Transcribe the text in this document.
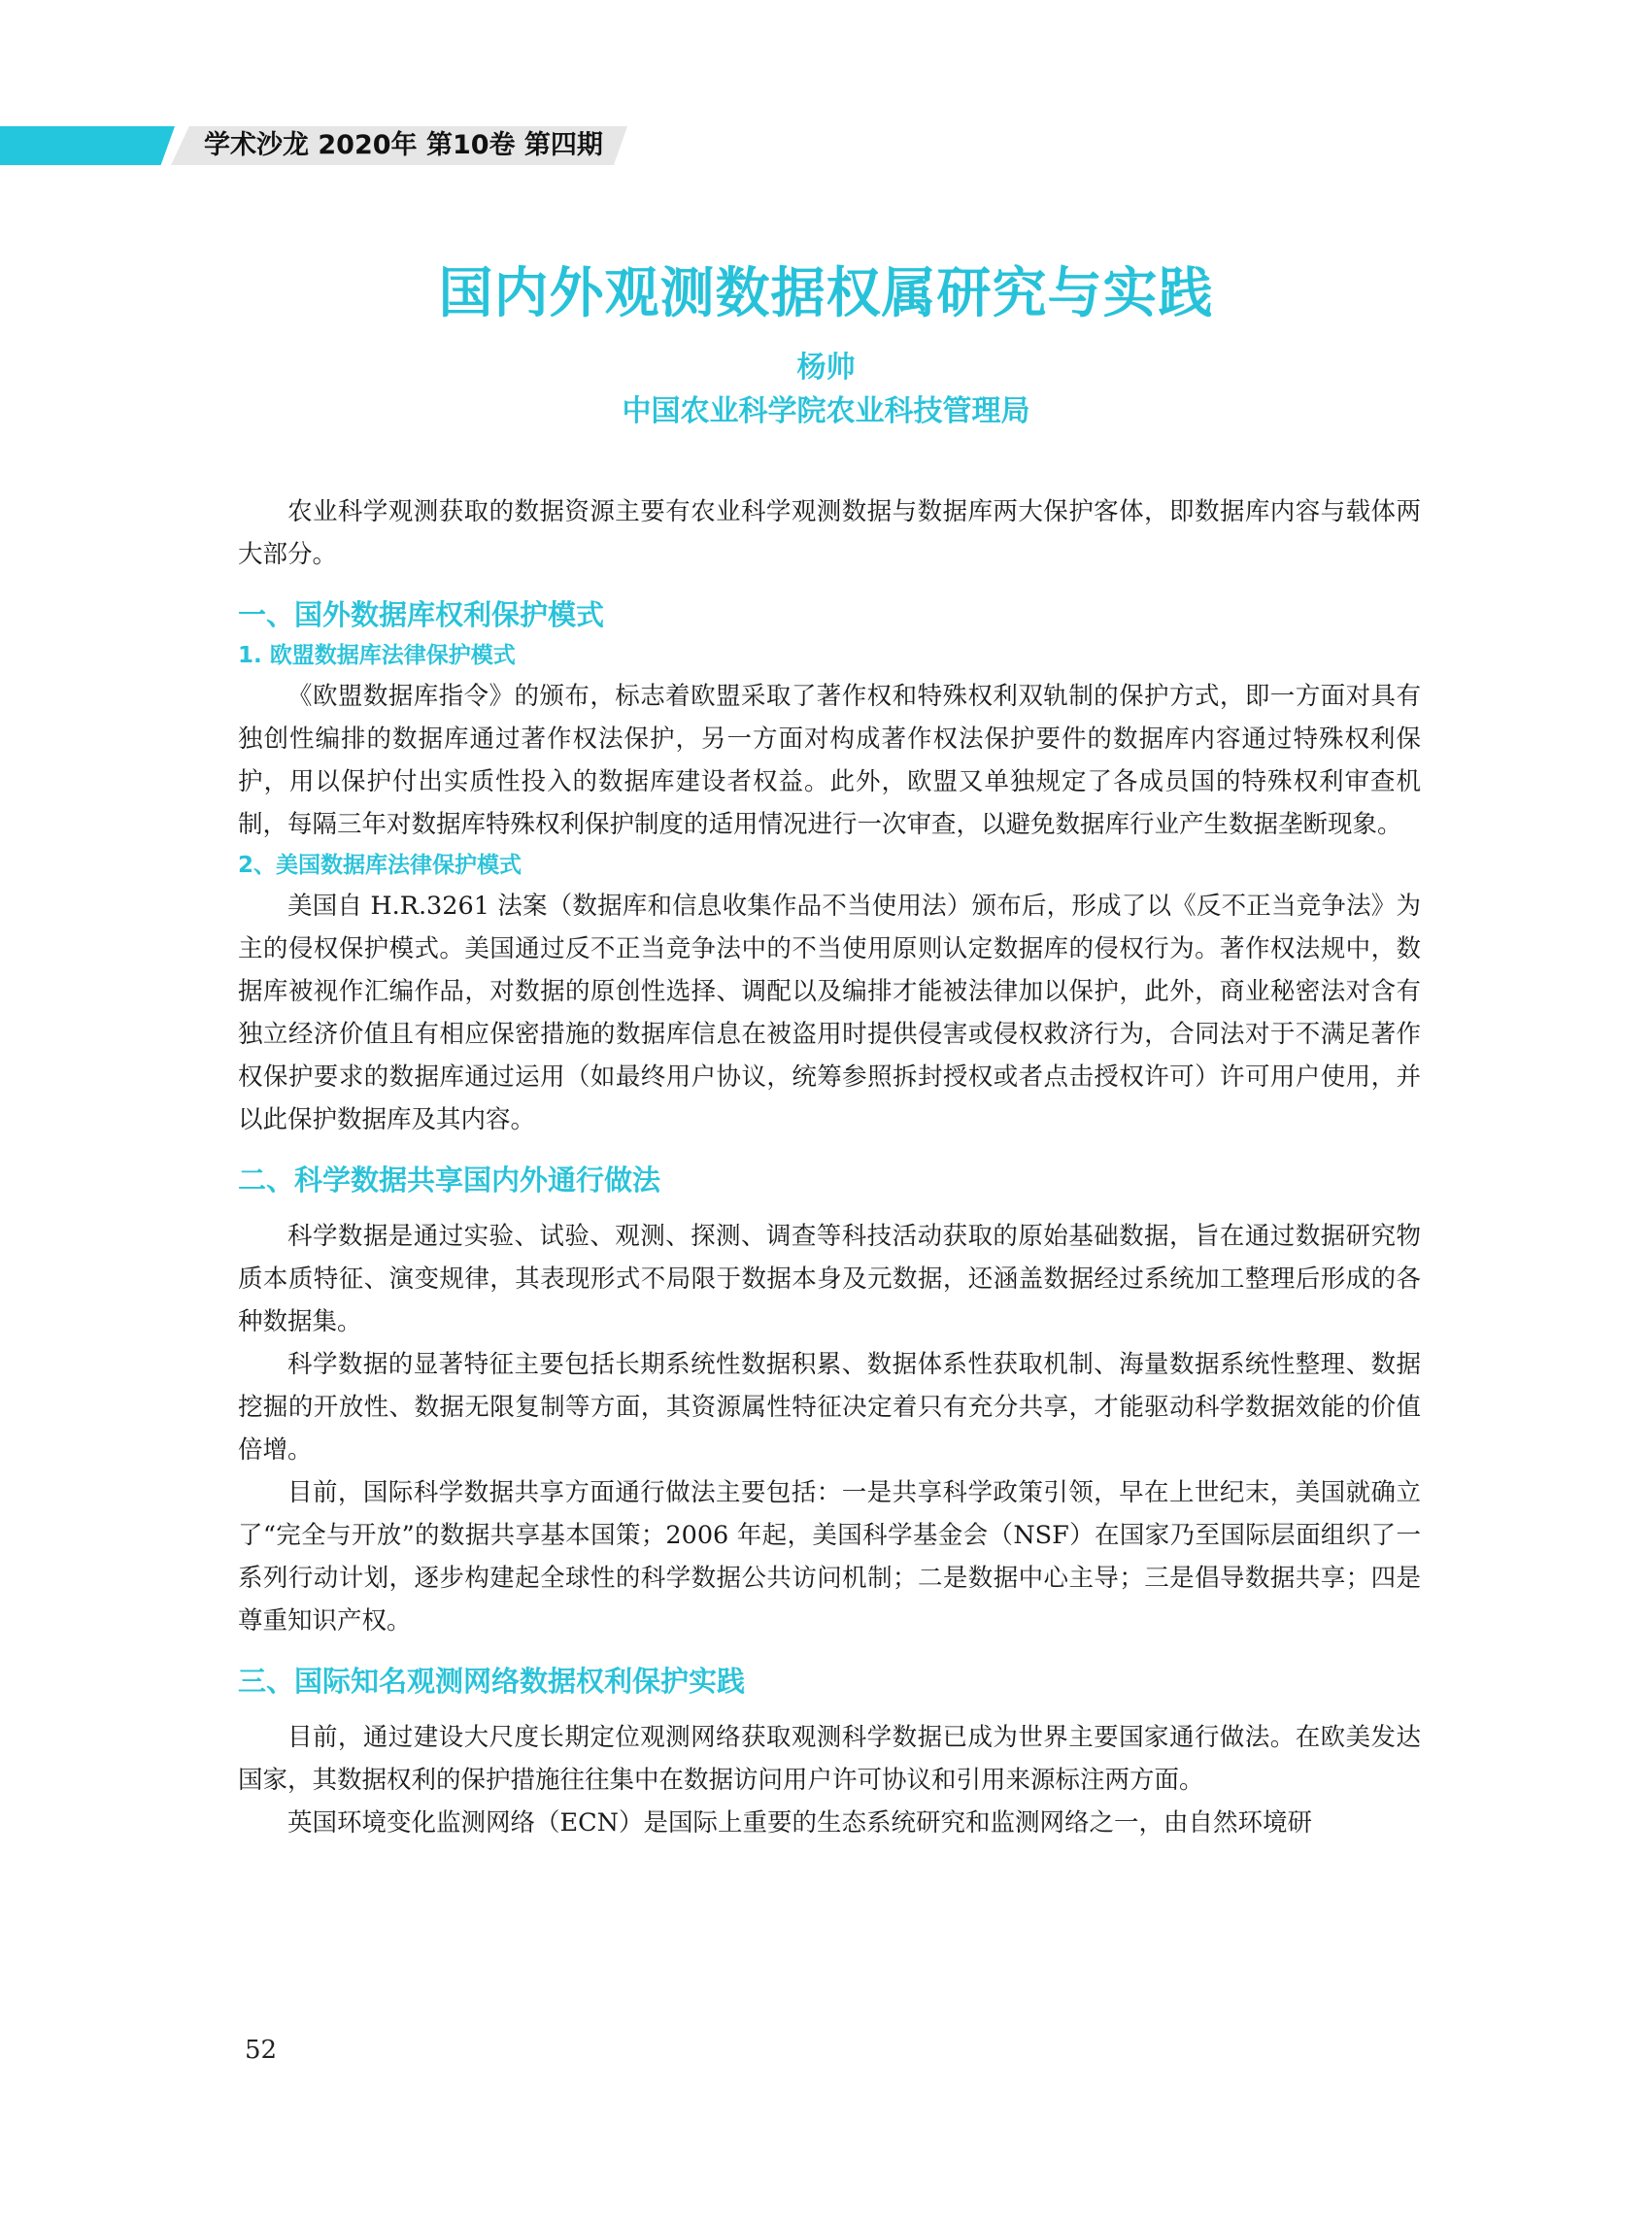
学术沙龙 2020年 第10卷 第四期
国内外观测数据权属研究与实践
杨帅
中国农业科学院农业科技管理局

农业科学观测获取的数据资源主要有农业科学观测数据与数据库两大保护客体，即数据库内容与载体两大部分。

一、国外数据库权利保护模式
1. 欧盟数据库法律保护模式

《欧盟数据库指令》的颁布，标志着欧盟采取了著作权和特殊权利双轨制的保护方式，即一方面对具有独创性编排的数据库通过著作权法保护，另一方面对构成著作权法保护要件的数据库内容通过特殊权利保护，用以保护付出实质性投入的数据库建设者权益。此外，欧盟又单独规定了各成员国的特殊权利审查机制，每隔三年对数据库特殊权利保护制度的适用情况进行一次审查，以避免数据库行业产生数据垄断现象。

2、美国数据库法律保护模式

美国自 H.R.3261 法案（数据库和信息收集作品不当使用法）颁布后，形成了以《反不正当竞争法》为主的侵权保护模式。美国通过反不正当竞争法中的不当使用原则认定数据库的侵权行为。著作权法规中，数据库被视作汇编作品，对数据的原创性选择、调配以及编排才能被法律加以保护，此外，商业秘密法对含有独立经济价值且有相应保密措施的数据库信息在被盗用时提供侵害或侵权救济行为，合同法对于不满足著作权保护要求的数据库通过运用（如最终用户协议，统筹参照拆封授权或者点击授权许可）许可用户使用，并以此保护数据库及其内容。

二、科学数据共享国内外通行做法

科学数据是通过实验、试验、观测、探测、调查等科技活动获取的原始基础数据，旨在通过数据研究物质本质特征、演变规律，其表现形式不局限于数据本身及元数据，还涵盖数据经过系统加工整理后形成的各种数据集。

科学数据的显著特征主要包括长期系统性数据积累、数据体系性获取机制、海量数据系统性整理、数据挖掘的开放性、数据无限复制等方面，其资源属性特征决定着只有充分共享，才能驱动科学数据效能的价值倍增。

目前，国际科学数据共享方面通行做法主要包括：一是共享科学政策引领，早在上世纪末，美国就确立了“完全与开放”的数据共享基本国策；2006 年起，美国科学基金会（NSF）在国家乃至国际层面组织了一系列行动计划，逐步构建起全球性的科学数据公共访问机制；二是数据中心主导；三是倡导数据共享；四是尊重知识产权。

三、国际知名观测网络数据权利保护实践

目前，通过建设大尺度长期定位观测网络获取观测科学数据已成为世界主要国家通行做法。在欧美发达国家，其数据权利的保护措施往往集中在数据访问用户许可协议和引用来源标注两方面。

英国环境变化监测网络（ECN）是国际上重要的生态系统研究和监测网络之一，由自然环境研

52
